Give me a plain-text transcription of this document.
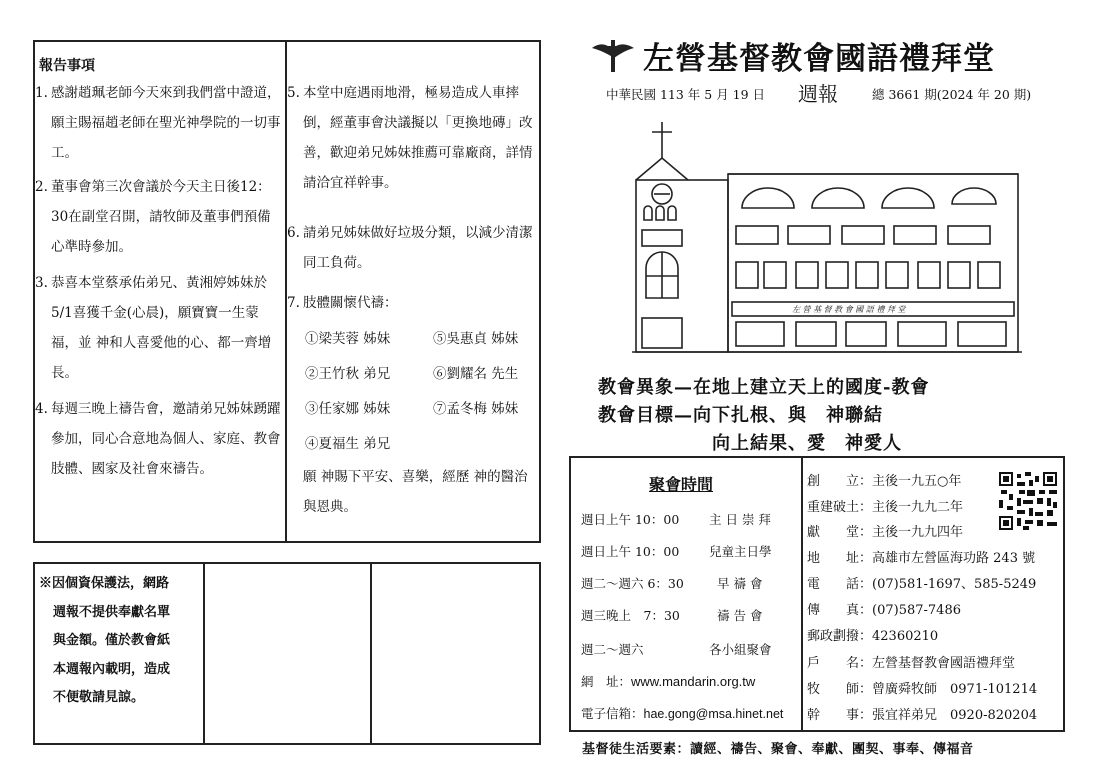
報告事項
1. 感謝趙珮老師今天來到我們當中證道，願主賜福趙老師在聖光神學院的一切事工。
2. 董事會第三次會議於今天主日後12：30在副堂召開，請牧師及董事們預備心準時參加。
3. 恭喜本堂蔡承佑弟兄、黃湘婷姊妹於5/1喜獲千金(心晨)，願寶寶一生蒙福，並 神和人喜愛他的心、都一齊增長。
4. 每週三晚上禱告會，邀請弟兄姊妹踴躍參加，同心合意地為個人、家庭、教會肢體、國家及社會來禱告。
5. 本堂中庭遇雨地滑，極易造成人車摔倒，經董事會決議擬以「更換地磚」改善，歡迎弟兄姊妹推薦可靠廠商，詳情請洽宜祥幹事。
6. 請弟兄姊妹做好垃圾分類，以減少清潔同工負荷。
7. 肢體關懷代禱：
①梁芙蓉 姊妹	⑤吳惠貞 姊妹
②王竹秋 弟兄	⑥劉耀名 先生
③任家娜 姊妹	⑦孟冬梅 姊妹
④夏福生 弟兄
願 神賜下平安、喜樂，經歷 神的醫治與恩典。
※因個資保護法，網路
週報不提供奉獻名單
與金額。僅於教會紙
本週報內載明，造成
不便敬請見諒。
左營基督教會國語禮拜堂
中華民國 113 年 5 月 19 日 週報	總 3661 期(2024 年 20 期)
左 營 基 督 教 會 國 語 禮 拜 堂
教會異象—在地上建立天上的國度-教會
教會目標—向下扎根、與　神聯結
向上結果、愛　神愛人
聚會時間
週日上午 10：00 主 日 崇 拜
週日上午 10：00 兒童主日學
週二～週六 6：30	早 禱 會
週三晚上　7：30	禱 告 會
週二～週六	各小組聚會
網　址：www.mandarin.org.tw
電子信箱：hae.gong@msa.hinet.net
創　　立：主後一九五○年
重建破土：主後一九九二年
獻　　堂：主後一九九四年
地　　址：高雄市左營區海功路 243 號
電　　話：(07)581-1697、585-5249
傳　　真：(07)587-7486
郵政劃撥：42360210
戶　　名：左營基督教會國語禮拜堂
牧　　師：曾廣舜牧師　0971-101214
幹　　事：張宜祥弟兄　0920-820204
基督徒生活要素：讀經、禱告、聚會、奉獻、團契、事奉、傳福音
